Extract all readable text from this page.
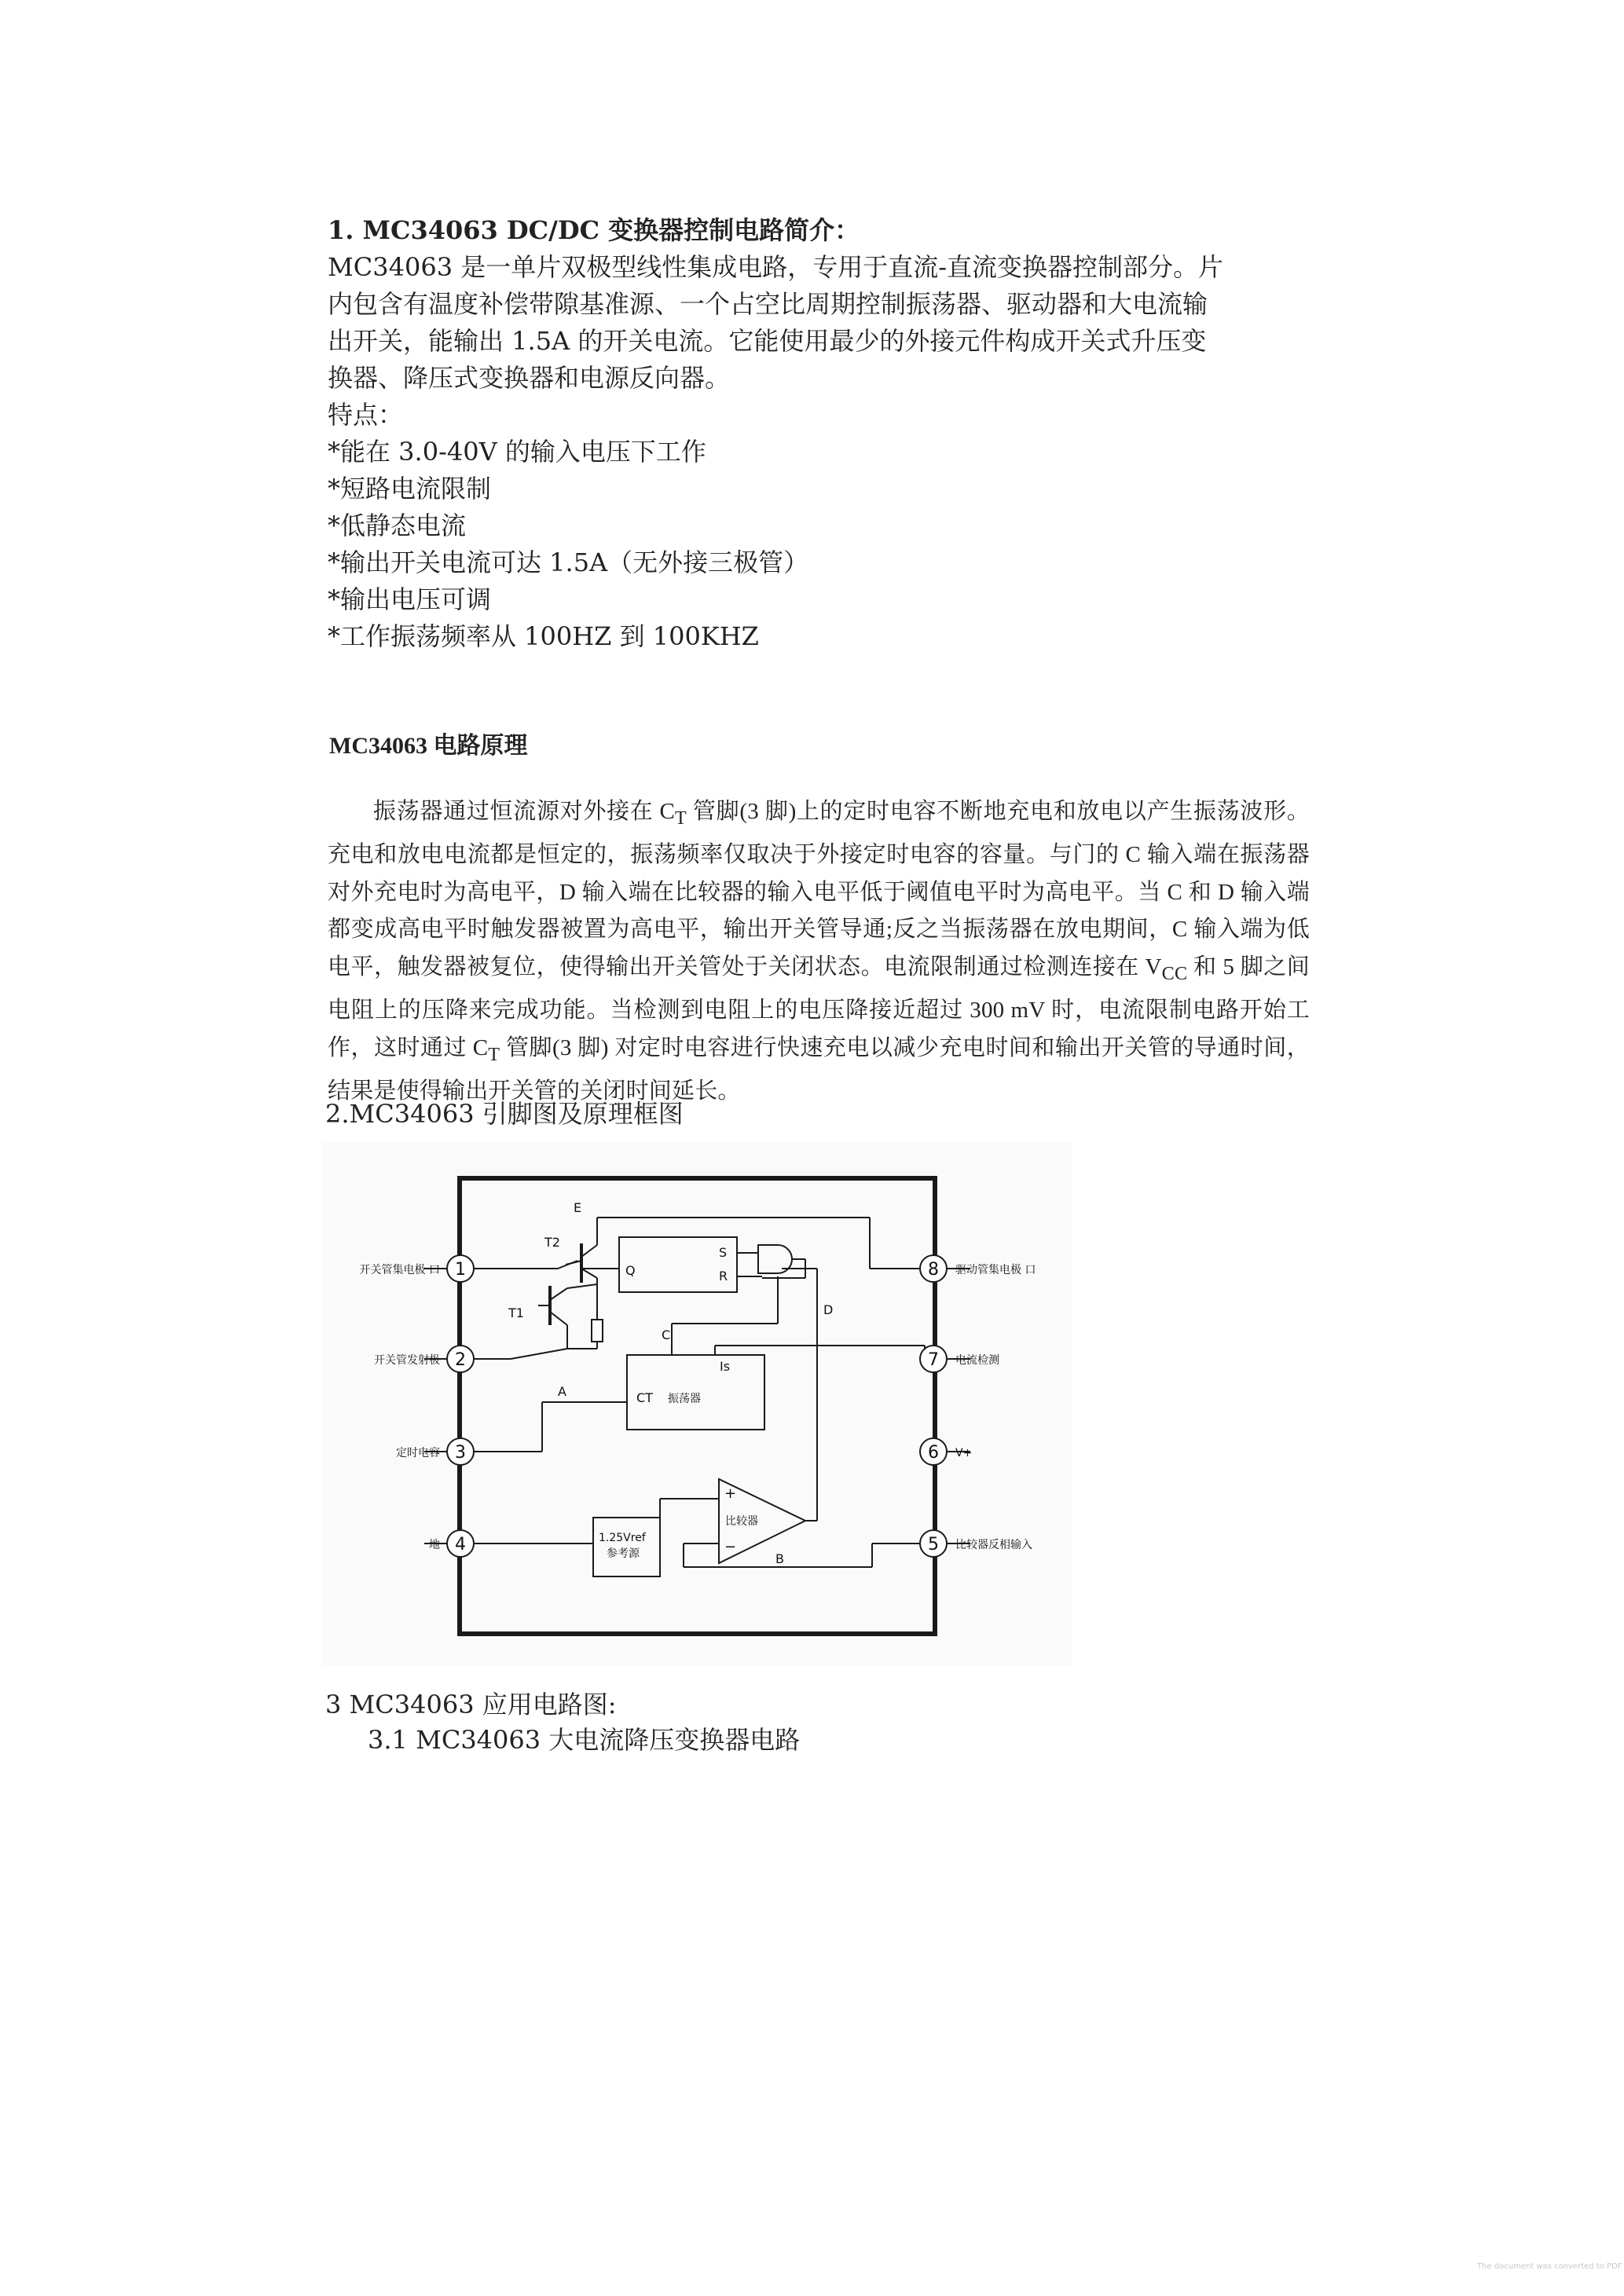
1. MC34063 DC/DC 变换器控制电路简介：

MC34063 是一单片双极型线性集成电路，专用于直流-直流变换器控制部分。片

内包含有温度补偿带隙基准源、一个占空比周期控制振荡器、驱动器和大电流输

出开关，能输出 1.5A 的开关电流。它能使用最少的外接元件构成开关式升压变

换器、降压式变换器和电源反向器。

特点：

*能在 3.0-40V 的输入电压下工作

*短路电流限制

*低静态电流

*输出开关电流可达 1.5A（无外接三极管）

*输出电压可调

*工作振荡频率从 100HZ 到 100KHZ

MC34063 电路原理

振荡器通过恒流源对外接在 $C_T$ 管脚(3 脚)上的定时电容不断地充电和放电以产生振荡波形。充电和放电电流都是恒定的，振荡频率仅取决于外接定时电容的容量。与门的 C 输入端在振荡器对外充电时为高电平，D 输入端在比较器的输入电平低于阈值电平时为高电平。当 C 和 D 输入端都变成高电平时触发器被置为高电平，输出开关管导通;反之当振荡器在放电期间，C 输入端为低电平，触发器被复位，使得输出开关管处于关闭状态。电流限制通过检测连接在 $V_{CC}$ 和 5 脚之间电阻上的压降来完成功能。当检测到电阻上的电压降接近超过 300 mV 时，电流限制电路开始工作，这时通过 $C_T$ 管脚(3 脚) 对定时电容进行快速充电以减少充电时间和输出开关管的导通时间，结果是使得输出开关管的关闭时间延长。

2.MC34063 引脚图及原理框图
1
2
3
4
8
7
6
5
开关管集电极 口
开关管发射极
定时电容
地
驱动管集电极 口
电流检测
V+
比较器反相输入
E
T2
T1
Q
S
R
C
D
Is
A
B
CT 振荡器
+
−
比较器
1.25Vref
参考源
3 MC34063 应用电路图:
3.1 MC34063 大电流降压变换器电路
The document was converted to PDF
